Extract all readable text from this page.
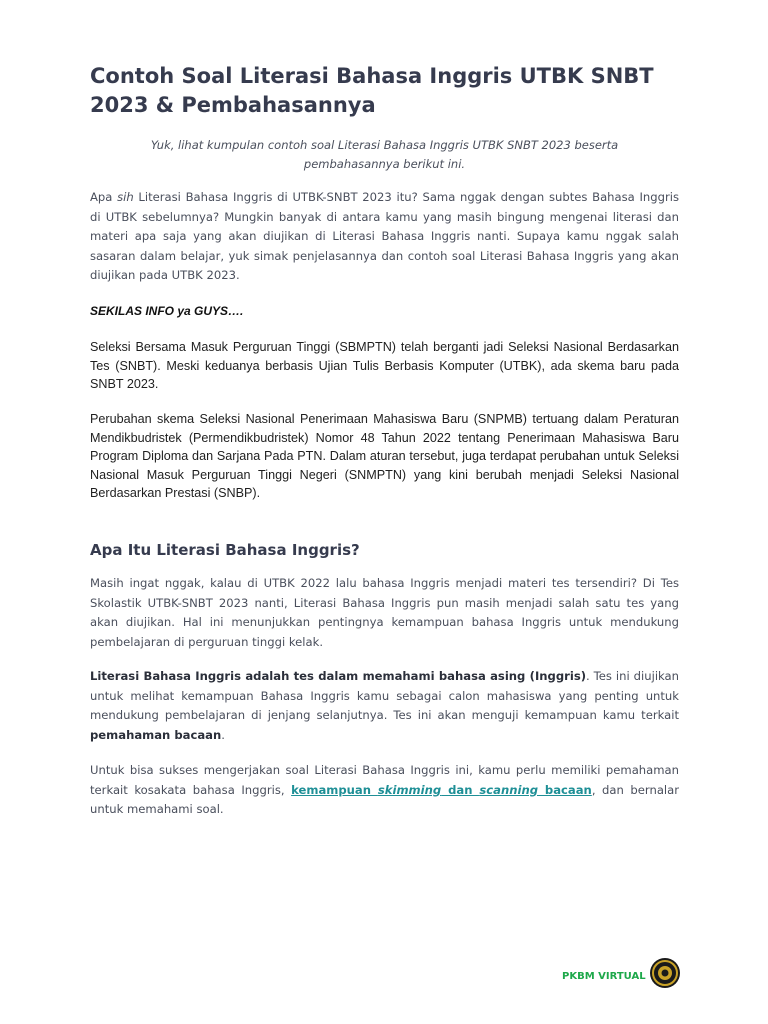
Contoh Soal Literasi Bahasa Inggris UTBK SNBT 2023 & Pembahasannya

Yuk, lihat kumpulan contoh soal Literasi Bahasa Inggris UTBK SNBT 2023 beserta pembahasannya berikut ini.

Apa sih Literasi Bahasa Inggris di UTBK-SNBT 2023 itu? Sama nggak dengan subtes Bahasa Inggris di UTBK sebelumnya? Mungkin banyak di antara kamu yang masih bingung mengenai literasi dan materi apa saja yang akan diujikan di Literasi Bahasa Inggris nanti. Supaya kamu nggak salah sasaran dalam belajar, yuk simak penjelasannya dan contoh soal Literasi Bahasa Inggris yang akan diujikan pada UTBK 2023.

SEKILAS INFO ya GUYS….

Seleksi Bersama Masuk Perguruan Tinggi (SBMPTN) telah berganti jadi Seleksi Nasional Berdasarkan Tes (SNBT). Meski keduanya berbasis Ujian Tulis Berbasis Komputer (UTBK), ada skema baru pada SNBT 2023.

Perubahan skema Seleksi Nasional Penerimaan Mahasiswa Baru (SNPMB) tertuang dalam Peraturan Mendikbudristek (Permendikbudristek) Nomor 48 Tahun 2022 tentang Penerimaan Mahasiswa Baru Program Diploma dan Sarjana Pada PTN. Dalam aturan tersebut, juga terdapat perubahan untuk Seleksi Nasional Masuk Perguruan Tinggi Negeri (SNMPTN) yang kini berubah menjadi Seleksi Nasional Berdasarkan Prestasi (SNBP).

Apa Itu Literasi Bahasa Inggris?

Masih ingat nggak, kalau di UTBK 2022 lalu bahasa Inggris menjadi materi tes tersendiri? Di Tes Skolastik UTBK-SNBT 2023 nanti, Literasi Bahasa Inggris pun masih menjadi salah satu tes yang akan diujikan. Hal ini menunjukkan pentingnya kemampuan bahasa Inggris untuk mendukung pembelajaran di perguruan tinggi kelak.

Literasi Bahasa Inggris adalah tes dalam memahami bahasa asing (Inggris). Tes ini diujikan untuk melihat kemampuan Bahasa Inggris kamu sebagai calon mahasiswa yang penting untuk mendukung pembelajaran di jenjang selanjutnya. Tes ini akan menguji kemampuan kamu terkait pemahaman bacaan.

Untuk bisa sukses mengerjakan soal Literasi Bahasa Inggris ini, kamu perlu memiliki pemahaman terkait kosakata bahasa Inggris, kemampuan skimming dan scanning bacaan, dan bernalar untuk memahami soal.

PKBM VIRTUAL
